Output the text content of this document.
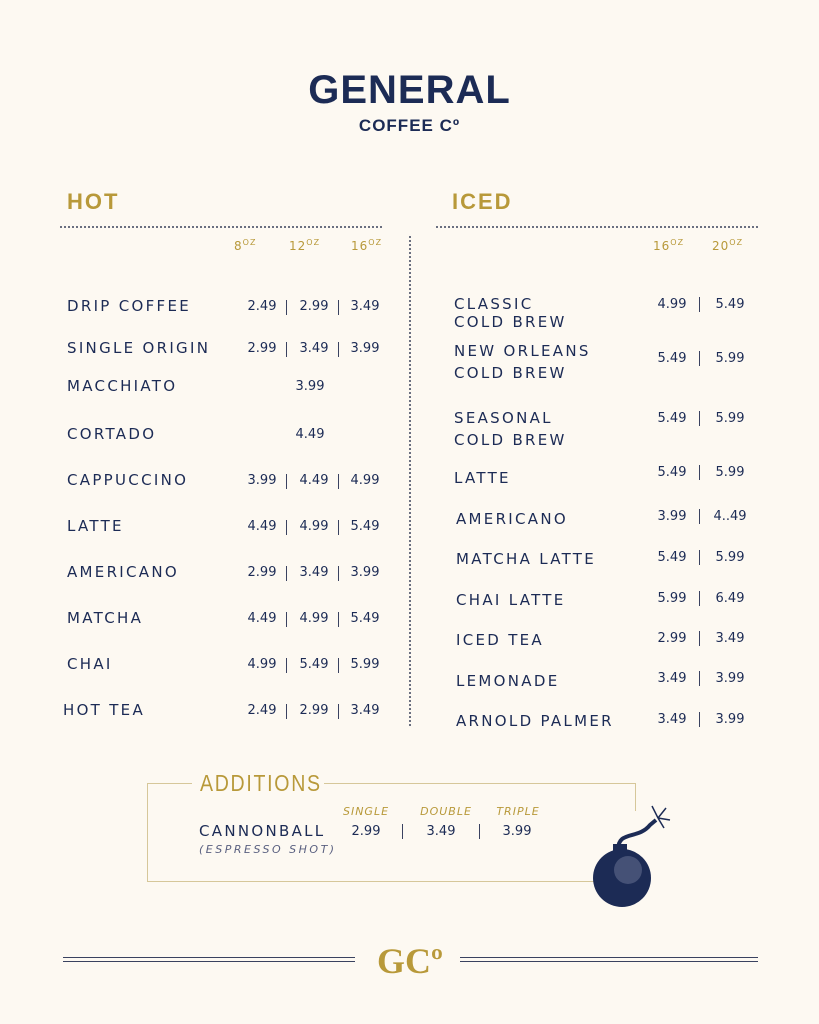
GENERAL
COFFEE Cº
HOT	ICED
$8^{OZ}$	$12^{OZ}$	$16^{OZ}$
DRIP COFFEE	2.49 2.99 3.49
SINGLE ORIGIN	2.99 3.49 3.99
MACCHIATO	3.99
CORTADO	4.49
CAPPUCCINO	3.99 4.49 4.99
LATTE	4.49 4.99 5.49
AMERICANO	2.99 3.49 3.99
MATCHA	4.49 4.99 5.49
CHAI	4.99 5.49 5.99
HOT TEA	2.49 2.99 3.49
$16^{OZ}$ $20^{OZ}$
CLASSIC
COLD BREW
4.99 5.49
NEW ORLEANS
COLD BREW
5.49 5.99
SEASONAL
COLD BREW
5.49 5.99
LATTE	5.49 5.99
AMERICANO	3.99 4..49
MATCHA LATTE	5.49 5.99
CHAI LATTE	5.99 6.49
ICED TEA	2.99 3.49
LEMONADE	3.49 3.99
ARNOLD PALMER	3.49 3.99
ADDITIONS
SINGLE	DOUBLE TRIPLE
CANNONBALL
(ESPRESSO SHOT)
2.99	3.49	3.99
GCº
